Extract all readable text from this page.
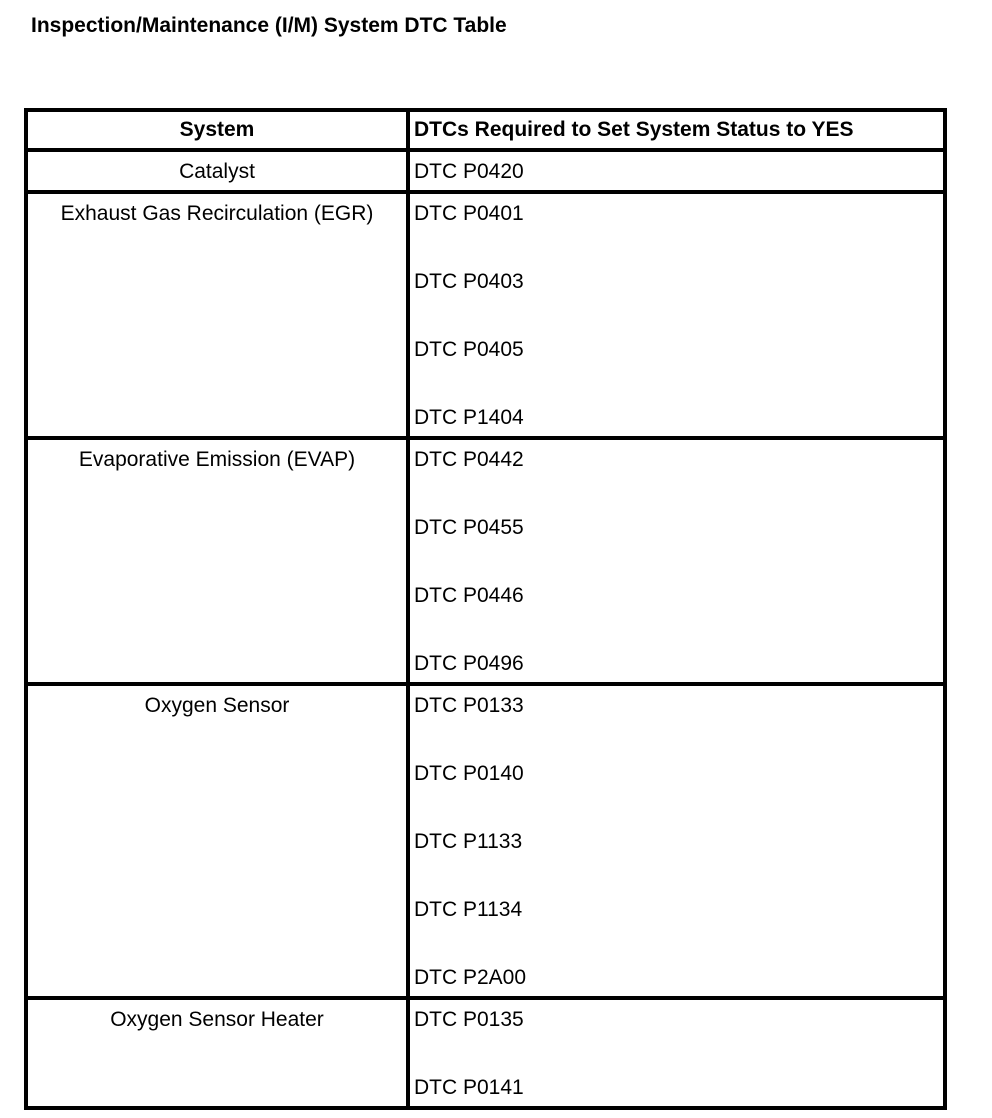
Inspection/Maintenance (I/M) System DTC Table
System	DTCs Required to Set System Status to YES
Catalyst	DTC P0420

Exhaust Gas Recirculation (EGR)	DTC P0401
DTC P0403
DTC P0405
DTC P1404

Evaporative Emission (EVAP)	DTC P0442
DTC P0455
DTC P0446
DTC P0496

Oxygen Sensor	DTC P0133
DTC P0140
DTC P1133
DTC P1134
DTC P2A00

Oxygen Sensor Heater	DTC P0135
DTC P0141
